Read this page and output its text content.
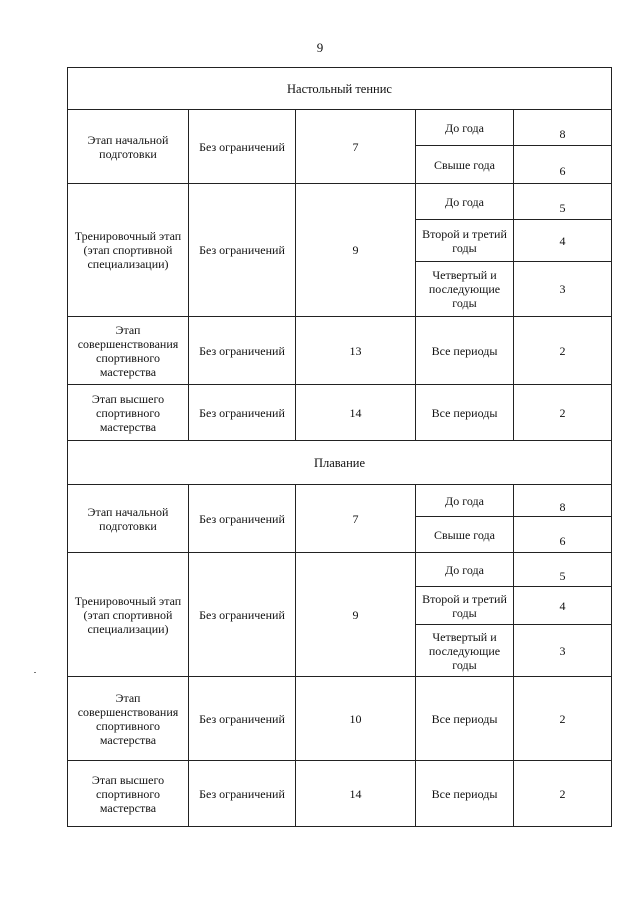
9
Настольный теннис				
Этап начальной подготовки	Без ограничений	7	До года	8
			Свыше года	6
Тренировочный этап (этап спортивной специализации)	Без ограничений	9	До года	5
			Второй и третий годы	4
			Четвертый и последующие годы	3
Этап совершенствования спортивного мастерства	Без ограничений	13	Все периоды	2
Этап высшего спортивного мастерства	Без ограничений	14	Все периоды	2
Плавание				
Этап начальной подготовки	Без ограничений	7	До года	8
			Свыше года	6
Тренировочный этап (этап спортивной специализации)	Без ограничений	9	До года	5
			Второй и третий годы	4
			Четвертый и последующие годы	3
Этап совершенствования спортивного мастерства	Без ограничений	10	Все периоды	2
Этап высшего спортивного мастерства	Без ограничений	14	Все периоды	2
